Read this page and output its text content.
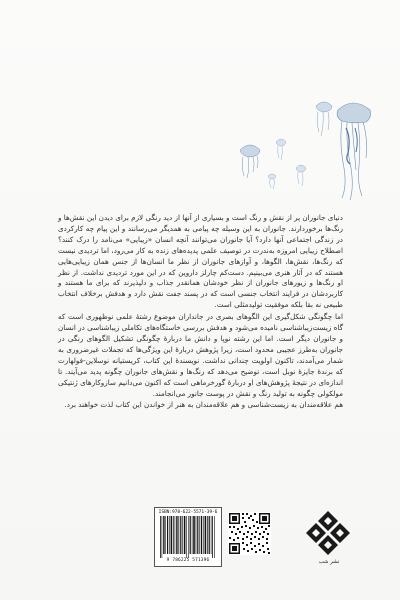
دنیای جانوران پر از نقش و رنگ است و بسیاری از آنها از دید رنگی لازم برای دیدن این نقش‌ها و رنگ‌ها برخوردارند. جانوران به این وسیله چه پیامی به همدیگر می‌رسانند و این پیام چه کارکردی در زندگی اجتماعی آنها دارد؟ آیا جانوران می‌توانند آنچه انسان «زیبایی» می‌نامد را درک کنند؟ اصطلاح زیبایی امروزه به‌ندرت در توصیف علمی پدیده‌های زنده به کار می‌رود، اما تردیدی نیست که رنگ‌ها، نقش‌ها، الگوها، و آوازهای جانوران از نظر ما انسان‌ها از جنس همان زیبایی‌هایی هستند که در آثار هنری می‌بینیم. دست‌کم چارلز داروین که در این مورد تردیدی نداشت. از نظر او رنگ‌ها و زیورهای جانوران از نظر خودشان همانقدر جذاب و دلپذیرند که برای ما هستند و کاربردشان در فرایند انتخاب جنسی است که در پسند جفت نقش دارد و هدفش برخلاف انتخاب طبیعی نه بقا بلکه موفقیت تولیدمثلی است.

اما چگونگی شکل‌گیری این الگوهای بصری در جانداران موضوع رشتهٔ علمی نوظهوری است که گاه زیست‌زیباشناسی نامیده می‌شود و هدفش بررسی خاستگاه‌های تکاملی زیباشناسی در انسان و جانوران دیگر است. اما این رشته نوپا و دانش ما دربارهٔ چگونگی تشکیل الگوهای رنگی در جانوران به‌طرز عجیبی محدود است، زیرا پژوهش دربارهٔ این ویژگی‌ها که تجملات غیرضروری به شمار می‌آمدند، تاکنون اولویت چندانی نداشت. نویسندهٔ این کتاب، کریستیانه نوسلاین-فولهارت که برندهٔ جایزهٔ نوبل است، توضیح می‌دهد که رنگ‌ها و نقش‌های جانوران چگونه پدید می‌آیند. تا اندازه‌ای در نتیجهٔ پژوهش‌های او دربارهٔ گورخرماهی است که اکنون می‌دانیم سازوکارهای ژنتیکی مولکولی چگونه به تولید رنگ و نقش در پوست جانور می‌انجامند.

هم علاقه‌مندان به زیست‌شناسی و هم علاقه‌مندان به هنر از خواندن این کتاب لذت خواهند برد.

ISBN:978-622-5571-39-6
9 786225 571396	نشر شب
